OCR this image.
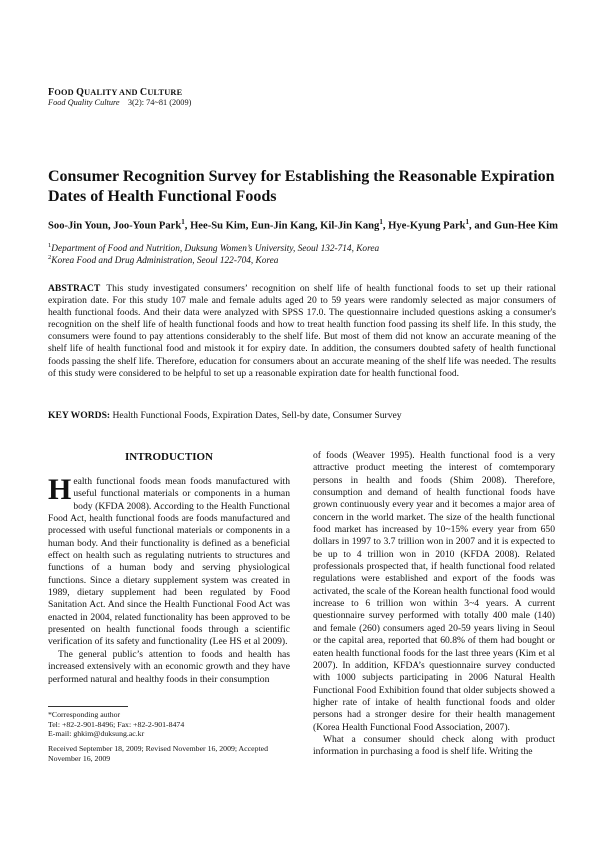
FOOD QUALITY AND CULTURE
Food Quality Culture 3(2): 74~81 (2009)
Consumer Recognition Survey for Establishing the Reasonable Expiration Dates of Health Functional Foods
Soo-Jin Youn, Joo-Youn Park$^1$, Hee-Su Kim, Eun-Jin Kang, Kil-Jin Kang$^1$, Hye-Kyung Park$^1$, and Gun-Hee Kim
$^1$Department of Food and Nutrition, Duksung Women’s University, Seoul 132-714, Korea
$^2$Korea Food and Drug Administration, Seoul 122-704, Korea

ABSTRACT This study investigated consumers’ recognition on shelf life of health functional foods to set up their rational expiration date. For this study 107 male and female adults aged 20 to 59 years were randomly selected as major consumers of health functional foods. And their data were analyzed with SPSS 17.0. The questionnaire included questions asking a consumer's recognition on the shelf life of health functional foods and how to treat health function food passing its shelf life. In this study, the consumers were found to pay attentions considerably to the shelf life. But most of them did not know an accurate meaning of the shelf life of health functional food and mistook it for expiry date. In addition, the consumers doubted safety of health functional foods passing the shelf life. Therefore, education for consumers about an accurate meaning of the shelf life was needed. The results of this study were considered to be helpful to set up a reasonable expiration date for health functional food.

KEY WORDS: Health Functional Foods, Expiration Dates, Sell-by date, Consumer Survey

INTRODUCTION

Health functional foods mean foods manufactured with useful functional materials or components in a human body (KFDA 2008). According to the Health Functional Food Act, health functional foods are foods manufactured and processed with useful functional materials or components in a human body. And their functionality is defined as a beneficial effect on health such as regulating nutrients to structures and functions of a human body and serving physiological functions. Since a dietary supplement system was created in 1989, dietary supplement had been regulated by Food Sanitation Act. And since the Health Functional Food Act was enacted in 2004, related functionality has been approved to be presented on health functional foods through a scientific verification of its safety and functionality (Lee HS et al 2009).

The general public’s attention to foods and health has increased extensively with an economic growth and they have performed natural and healthy foods in their consumption

of foods (Weaver 1995). Health functional food is a very attractive product meeting the interest of comtemporary persons in health and foods (Shim 2008). Therefore, consumption and demand of health functional foods have grown continuously every year and it becomes a major area of concern in the world market. The size of the health functional food market has increased by 10~15% every year from 650 dollars in 1997 to 3.7 trillion won in 2007 and it is expected to be up to 4 trillion won in 2010 (KFDA 2008). Related professionals prospected that, if health functional food related regulations were established and export of the foods was activated, the scale of the Korean health functional food would increase to 6 trillion won within 3~4 years. A current questionnaire survey performed with totally 400 male (140) and female (260) consumers aged 20-59 years living in Seoul or the capital area, reported that 60.8% of them had bought or eaten health functional foods for the last three years (Kim et al 2007). In addition, KFDA’s questionnaire survey conducted with 1000 subjects participating in 2006 Natural Health Functional Food Exhibition found that older subjects showed a higher rate of intake of health functional foods and older persons had a stronger desire for their health management (Korea Health Functional Food Association, 2007).

What a consumer should check along with product information in purchasing a food is shelf life. Writing the

*Corresponding author
Tel: +82-2-901-8496; Fax: +82-2-901-8474
E-mail: ghkim@duksung.ac.kr
Received September 18, 2009; Revised November 16, 2009; Accepted November 16, 2009
